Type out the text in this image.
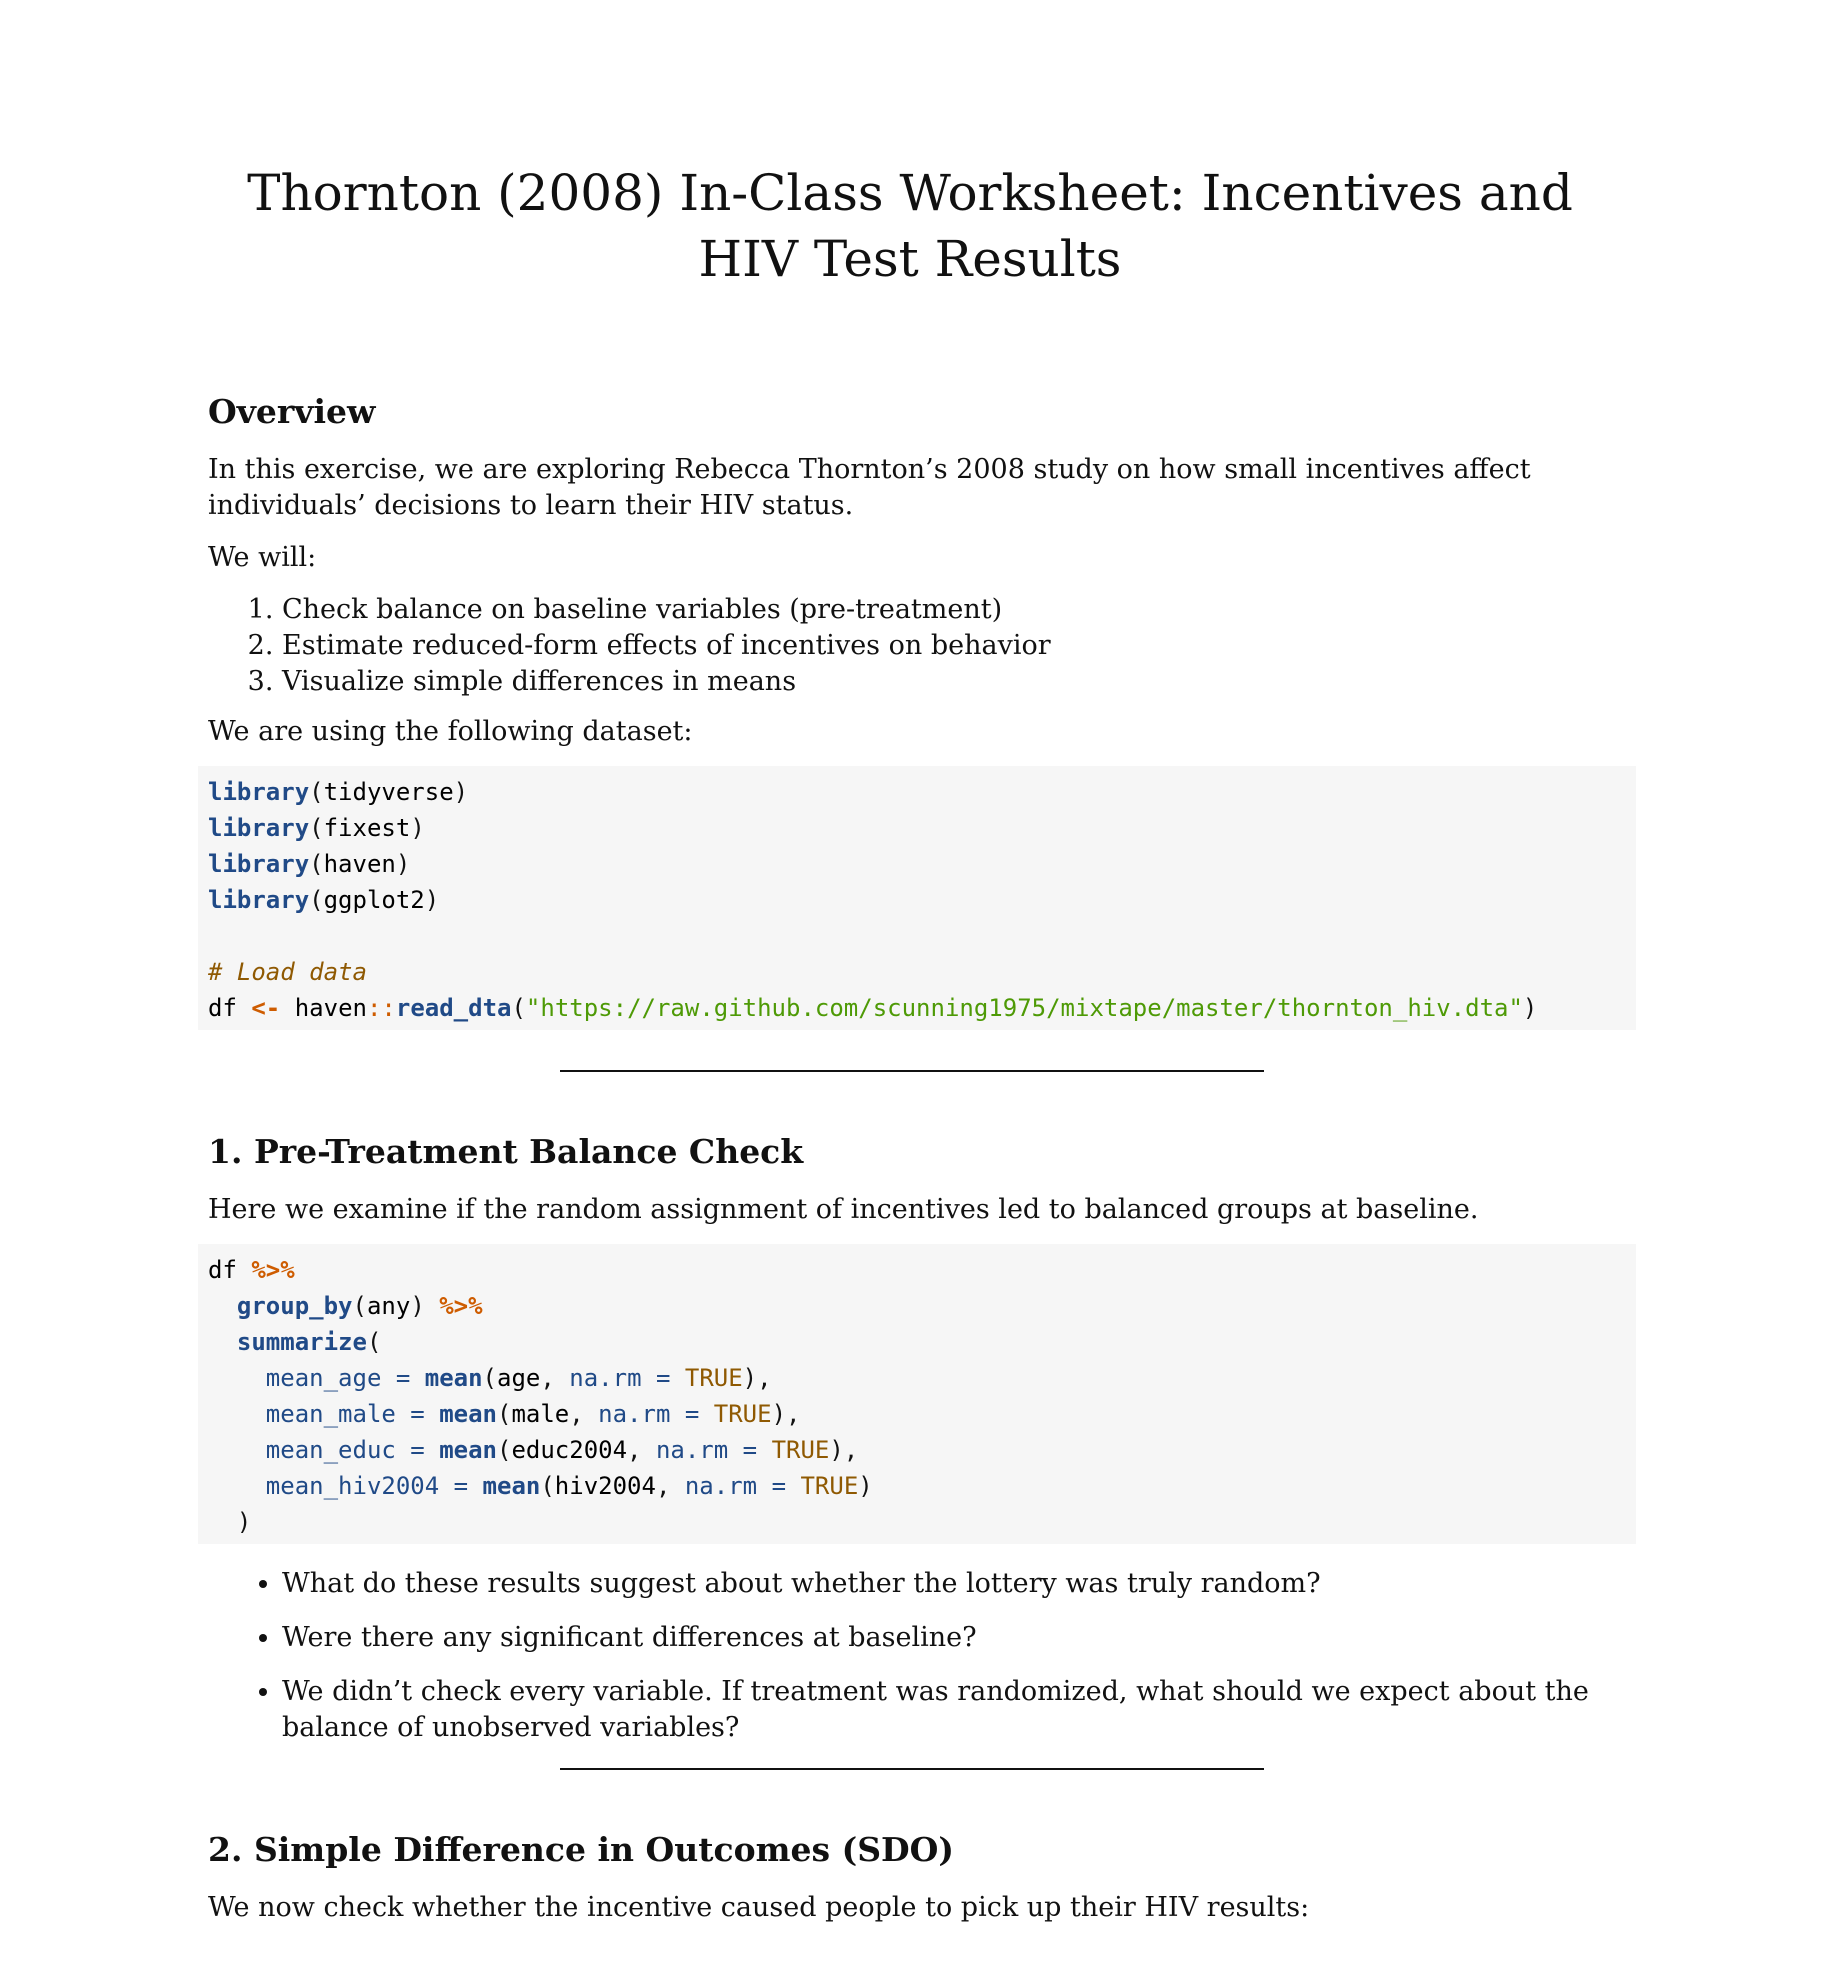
Thornton (2008) In-Class Worksheet: Incentives and HIV Test Results
Overview

In this exercise, we are exploring Rebecca Thornton’s 2008 study on how small incentives affect individuals’ decisions to learn their HIV status.

We will:

1. Check balance on baseline variables (pre-treatment)
2. Estimate reduced-form effects of incentives on behavior
3. Visualize simple differences in means

We are using the following dataset:

library(tidyverse)
library(fixest)
library(haven)
library(ggplot2)

# Load data
df <- haven::read_dta("https://raw.github.com/scunning1975/mixtape/master/thornton_hiv.dta")
1. Pre-Treatment Balance Check

Here we examine if the random assignment of incentives led to balanced groups at baseline.

df %>%
group_by(any) %>%
summarize(
mean_age = mean(age, na.rm = TRUE),
mean_male = mean(male, na.rm = TRUE),
mean_educ = mean(educ2004, na.rm = TRUE),
mean_hiv2004 = mean(hiv2004, na.rm = TRUE)
)
• What do these results suggest about whether the lottery was truly random?
• Were there any significant differences at baseline?
• We didn’t check every variable. If treatment was randomized, what should we expect about the balance of unobserved variables?
2. Simple Difference in Outcomes (SDO)

We now check whether the incentive caused people to pick up their HIV results:
